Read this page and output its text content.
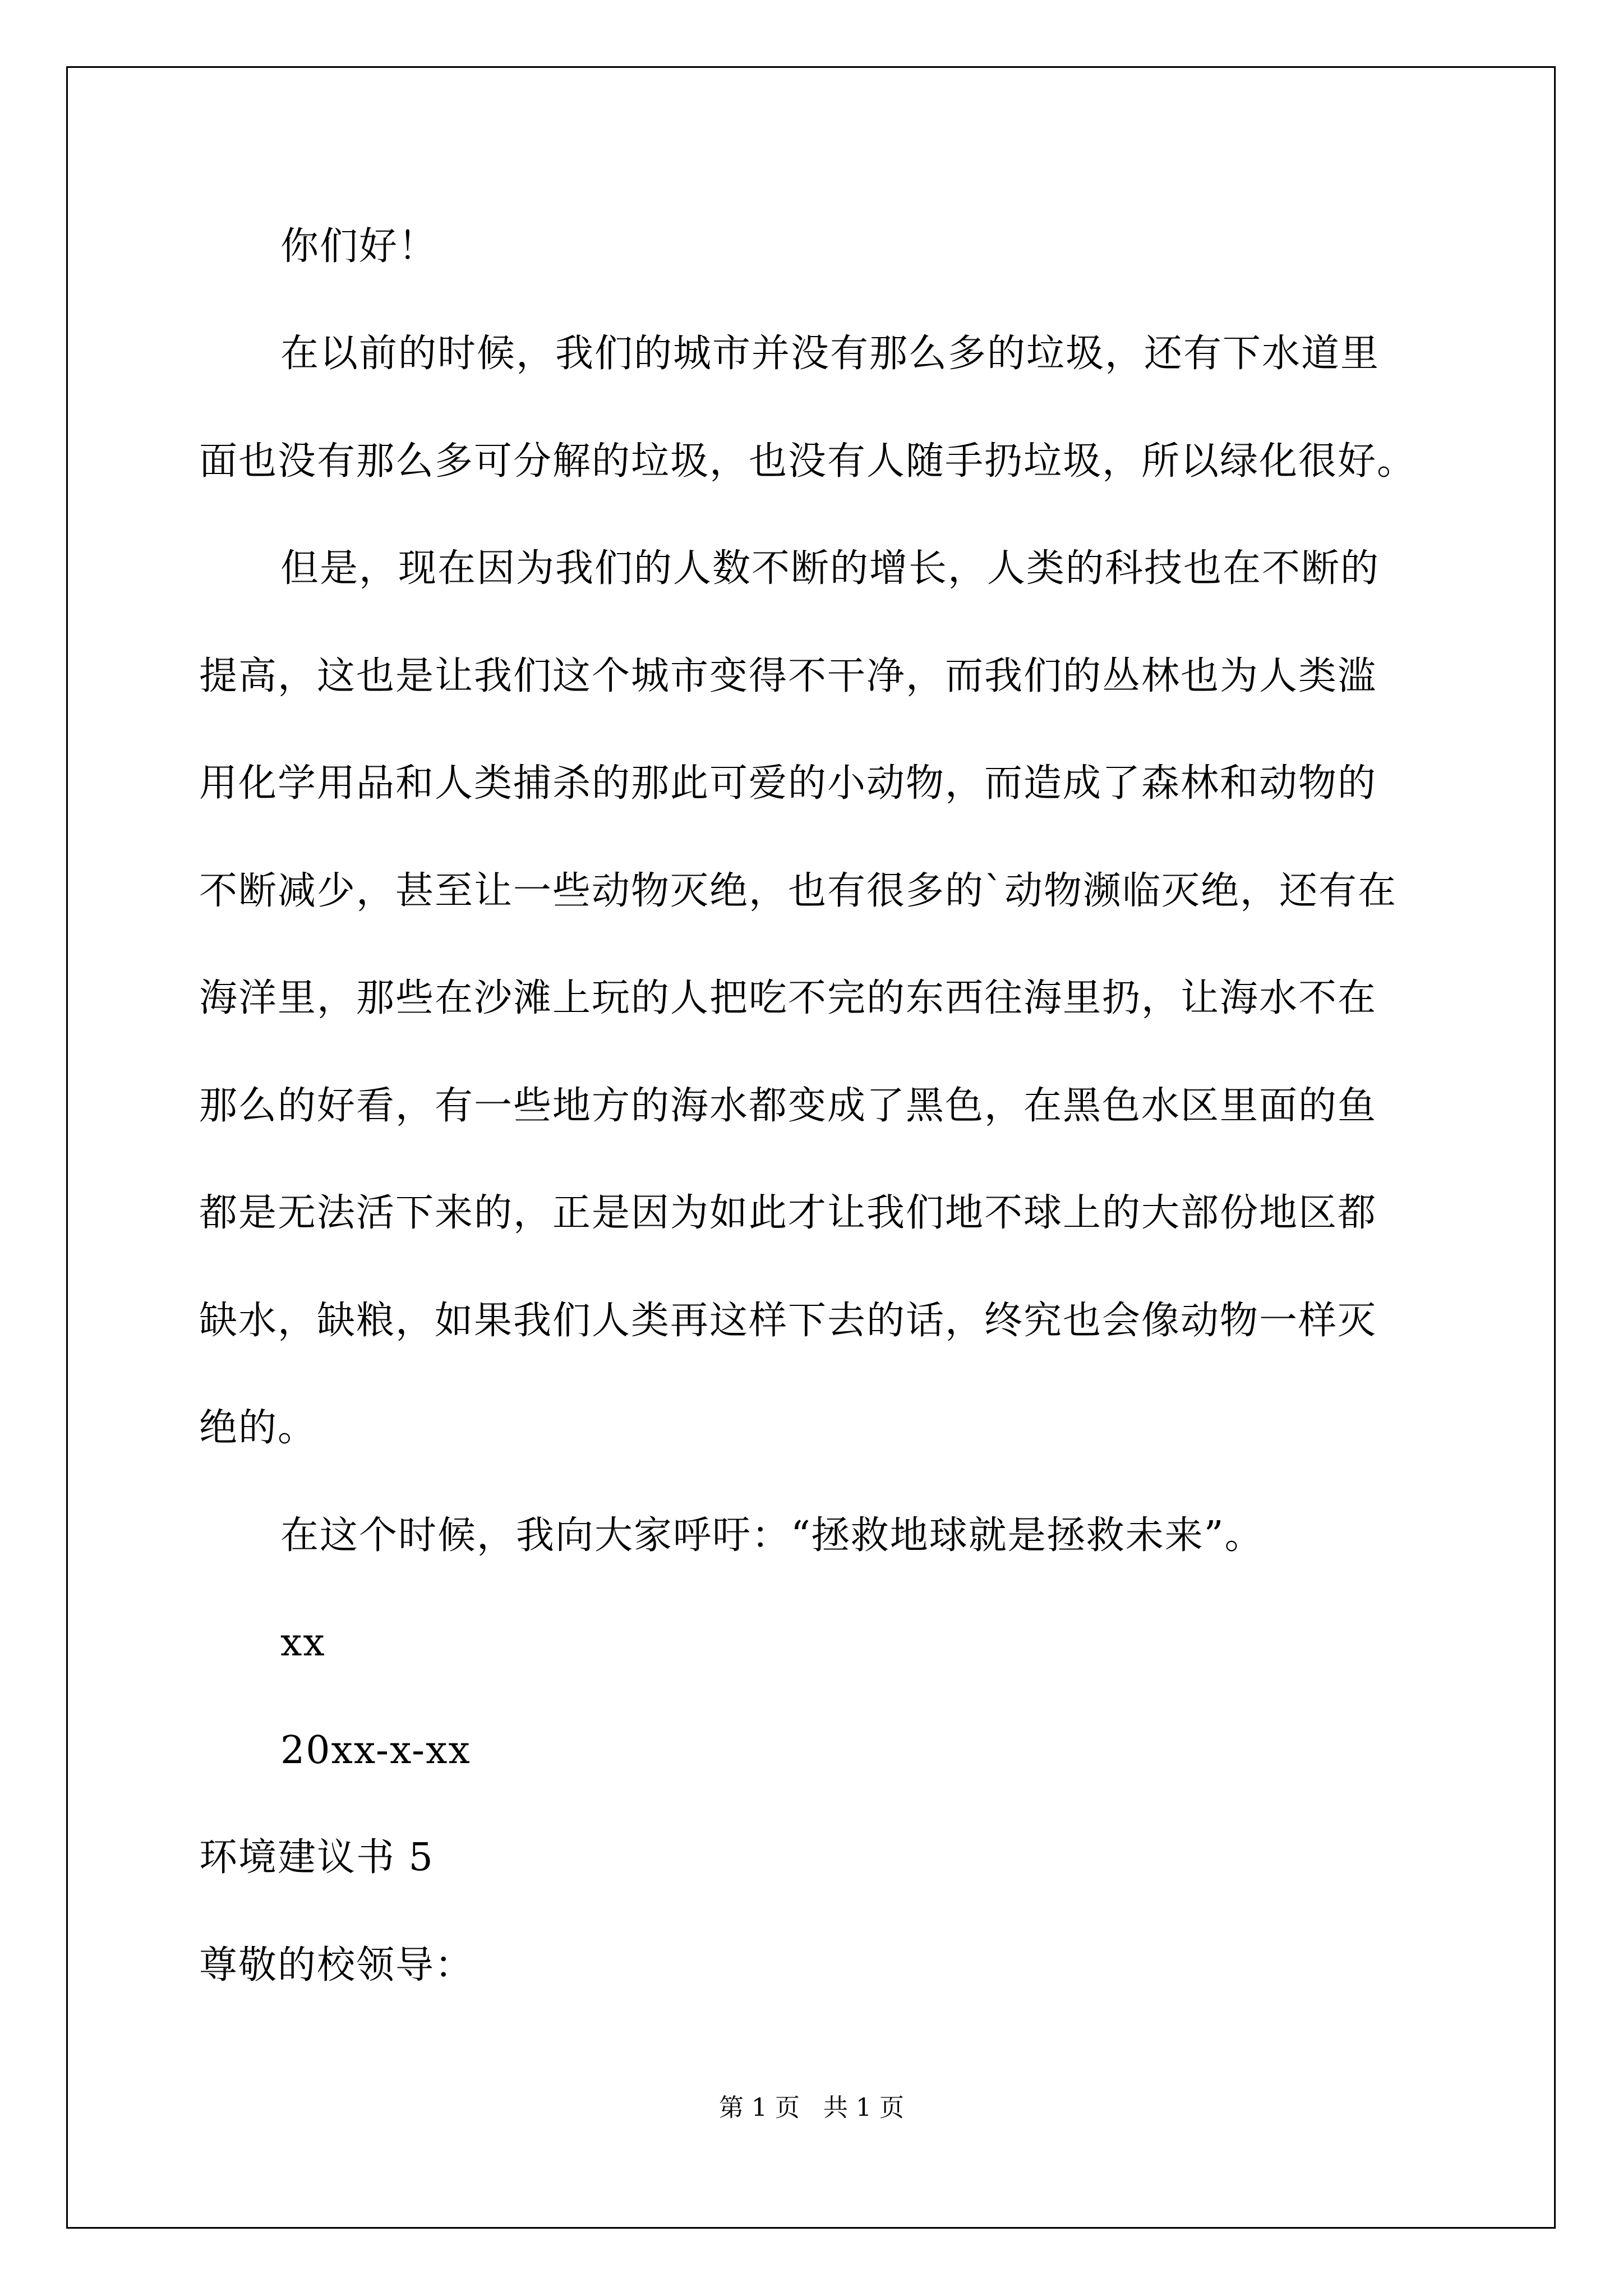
你们好！
在以前的时候，我们的城市并没有那么多的垃圾，还有下水道里
面也没有那么多可分解的垃圾，也没有人随手扔垃圾，所以绿化很好。
但是，现在因为我们的人数不断的增长，人类的科技也在不断的
提高，这也是让我们这个城市变得不干净，而我们的丛林也为人类滥
用化学用品和人类捕杀的那此可爱的小动物，而造成了森林和动物的
不断减少，甚至让一些动物灭绝，也有很多的`动物濒临灭绝，还有在
海洋里，那些在沙滩上玩的人把吃不完的东西往海里扔，让海水不在
那么的好看，有一些地方的海水都变成了黑色，在黑色水区里面的鱼
都是无法活下来的，正是因为如此才让我们地不球上的大部份地区都
缺水，缺粮，如果我们人类再这样下去的话，终究也会像动物一样灭
绝的。
在这个时候，我向大家呼吁：“拯救地球就是拯救未来”。
xx
20xx-x-xx
环境建议书 5
尊敬的校领导：
第 1 页   共 1 页
